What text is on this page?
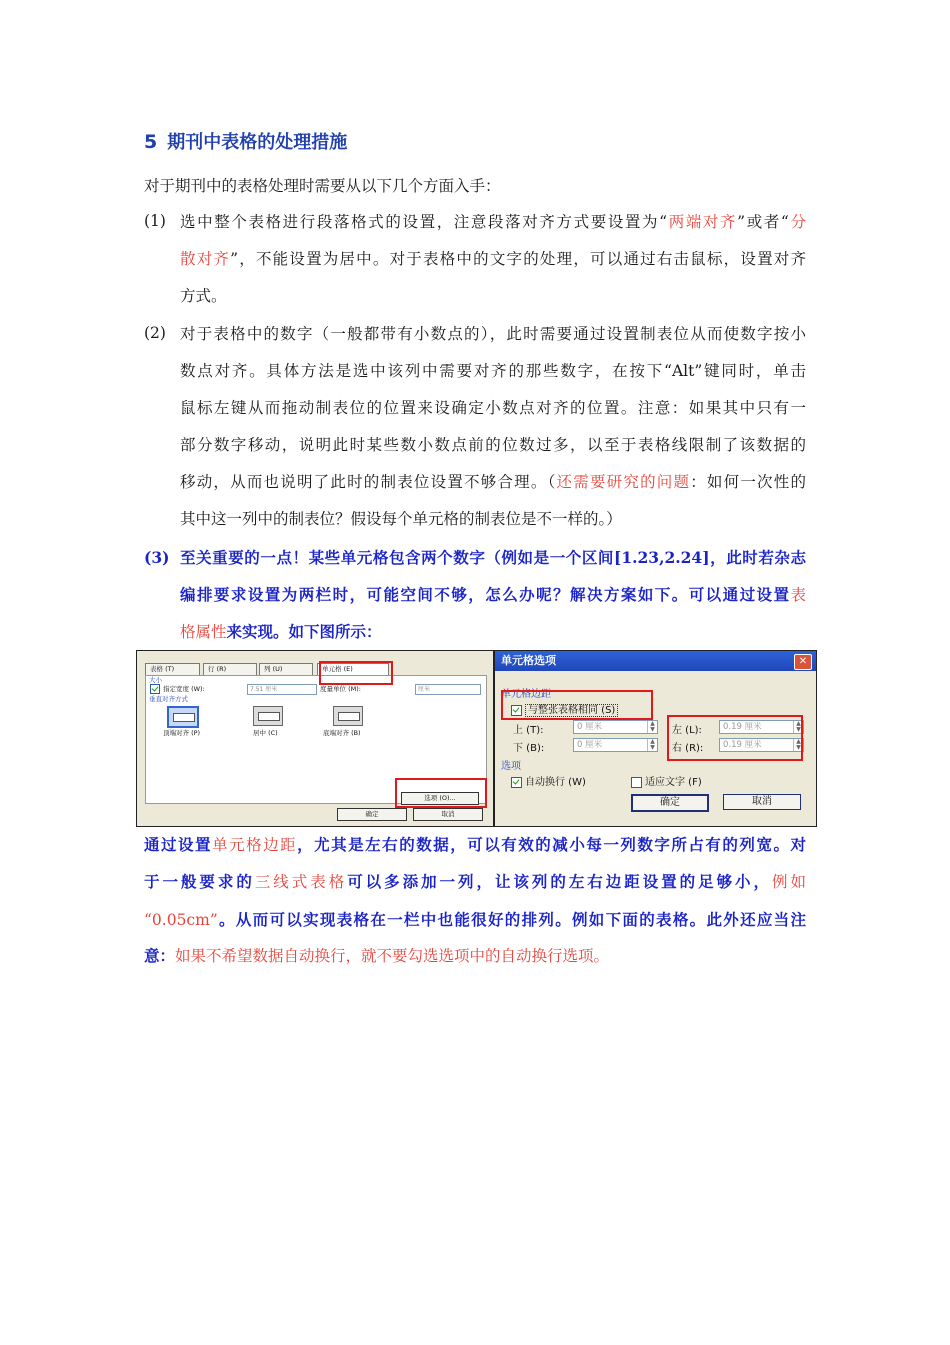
5 期刊中表格的处理措施
对于期刊中的表格处理时需要从以下几个方面入手：
(1) 选中整个表格进行段落格式的设置，注意段落对齐方式要设置为“两端对齐”或者“分
散对齐”，不能设置为居中。对于表格中的文字的处理，可以通过右击鼠标，设置对齐
方式。
(2) 对于表格中的数字（一般都带有小数点的），此时需要通过设置制表位从而使数字按小
数点对齐。具体方法是选中该列中需要对齐的那些数字，在按下“Alt”键同时，单击
鼠标左键从而拖动制表位的位置来设确定小数点对齐的位置。注意：如果其中只有一
部分数字移动，说明此时某些数小数点前的位数过多，以至于表格线限制了该数据的
移动，从而也说明了此时的制表位设置不够合理。（还需要研究的问题：如何一次性的
其中这一列中的制表位？假设每个单元格的制表位是不一样的。）
(3) 至关重要的一点！某些单元格包含两个数字（例如是一个区间[1.23,2.24]，此时若杂志
编排要求设置为两栏时，可能空间不够，怎么办呢？解决方案如下。可以通过设置表
格属性来实现。如下图所示：
表格 (T)	行 (R)	列 (U)	单元格 (E)
大小
指定宽度 (W):	7.51 厘米	度量单位 (M):	厘米
垂直对齐方式
顶端对齐 (P)	居中 (C)	底端对齐 (B)
选项 (O)...
确定	取消
单元格选项	✕
单元格边距
与整张表格相同 (S)
上 (T):	0 厘米	▲
▼
下 (B):	0 厘米	▲
▼
左 (L):	0.19 厘米	▲
▼
右 (R):	0.19 厘米	▲
▼
选项
自动换行 (W)	适应文字 (F)
确定	取消
通过设置单元格边距，尤其是左右的数据，可以有效的减小每一列数字所占有的列宽。对
于一般要求的三线式表格可以多添加一列，让该列的左右边距设置的足够小，例如
“0.05cm”。从而可以实现表格在一栏中也能很好的排列。例如下面的表格。此外还应当注
意：如果不希望数据自动换行，就不要勾选选项中的自动换行选项。
